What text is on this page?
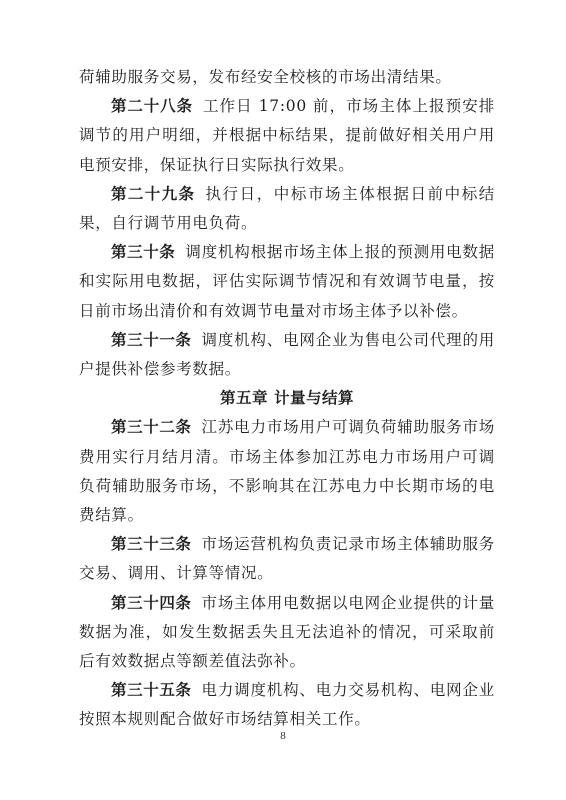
荷辅助服务交易，发布经安全校核的市场出清结果。

第二十八条 工作日 17:00 前，市场主体上报预安排调节的用户明细，并根据中标结果，提前做好相关用户用电预安排，保证执行日实际执行效果。

第二十九条 执行日，中标市场主体根据日前中标结果，自行调节用电负荷。

第三十条 调度机构根据市场主体上报的预测用电数据和实际用电数据，评估实际调节情况和有效调节电量，按日前市场出清价和有效调节电量对市场主体予以补偿。

第三十一条 调度机构、电网企业为售电公司代理的用户提供补偿参考数据。

第五章 计量与结算

第三十二条 江苏电力市场用户可调负荷辅助服务市场费用实行月结月清。市场主体参加江苏电力市场用户可调负荷辅助服务市场，不影响其在江苏电力中长期市场的电费结算。

第三十三条 市场运营机构负责记录市场主体辅助服务交易、调用、计算等情况。

第三十四条 市场主体用电数据以电网企业提供的计量数据为准，如发生数据丢失且无法追补的情况，可采取前后有效数据点等额差值法弥补。

第三十五条 电力调度机构、电力交易机构、电网企业按照本规则配合做好市场结算相关工作。

8
